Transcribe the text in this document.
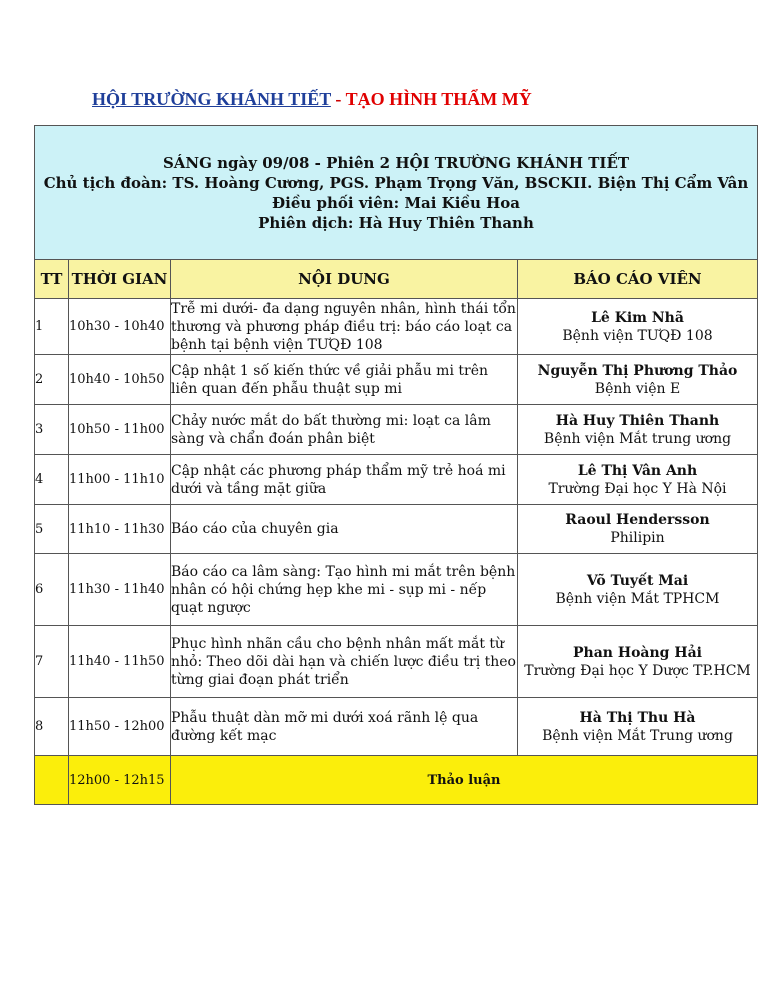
HỘI TRƯỜNG KHÁNH TIẾT - TẠO HÌNH THẨM MỸ
SÁNG ngày 09/08 - Phiên 2 HỘI TRƯỜNG KHÁNH TIẾT
Chủ tịch đoàn: TS. Hoàng Cương, PGS. Phạm Trọng Văn, BSCKII. Biện Thị Cẩm Vân
Điều phối viên: Mai Kiều Hoa
Phiên dịch: Hà Huy Thiên Thanh			

TT	THỜI GIAN	NỘI DUNG	BÁO CÁO VIÊN
1	10h30 - 10h40	Trễ mi dưới- đa dạng nguyên nhân, hình thái tổn thương và phương pháp điều trị: báo cáo loạt ca bệnh tại bệnh viện TƯQĐ 108	Lê Kim Nhã
Bệnh viện TƯQĐ 108

2	10h40 - 10h50	Cập nhật 1 số kiến thức về giải phẫu mi trên liên quan đến phẫu thuật sụp mi	Nguyễn Thị Phương Thảo
Bệnh viện E

3	10h50 - 11h00	Chảy nước mắt do bất thường mi: loạt ca lâm sàng và chẩn đoán phân biệt	Hà Huy Thiên Thanh
Bệnh viện Mắt trung ương

4	11h00 - 11h10	Cập nhật các phương pháp thẩm mỹ trẻ hoá mi dưới và tầng mặt giữa	Lê Thị Vân Anh
Trường Đại học Y Hà Nội

5	11h10 - 11h30	Báo cáo của chuyên gia	Raoul Hendersson
Philipin

6	11h30 - 11h40	Báo cáo ca lâm sàng: Tạo hình mi mắt trên bệnh nhân có hội chứng hẹp khe mi - sụp mi - nếp quạt ngược	Võ Tuyết Mai
Bệnh viện Mắt TPHCM

7	11h40 - 11h50	Phục hình nhãn cầu cho bệnh nhân mất mắt từ nhỏ: Theo dõi dài hạn và chiến lược điều trị theo từng giai đoạn phát triển	Phan Hoàng Hải
Trường Đại học Y Dược TP.HCM

8	11h50 - 12h00	Phẫu thuật dàn mỡ mi dưới xoá rãnh lệ qua đường kết mạc	Hà Thị Thu Hà
Bệnh viện Mắt Trung ương

	12h00 - 12h15	Thảo luận	
